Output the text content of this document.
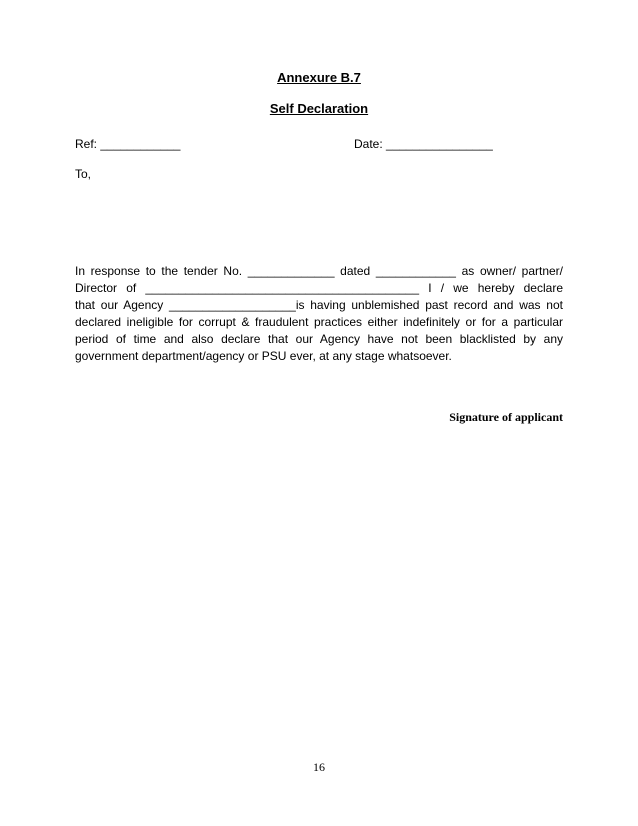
Annexure B.7
Self Declaration
Ref: ____________	Date: ________________
To,
In response to the tender No. _____________ dated ____________ as owner/ partner/
Director of _________________________________________ I / we hereby declare
that our Agency ___________________is having unblemished past record and was not
declared ineligible for corrupt & fraudulent practices either indefinitely or for a particular
period of time and also declare that our Agency have not been blacklisted by any
government department/agency or PSU ever, at any stage whatsoever.
Signature of applicant
16
